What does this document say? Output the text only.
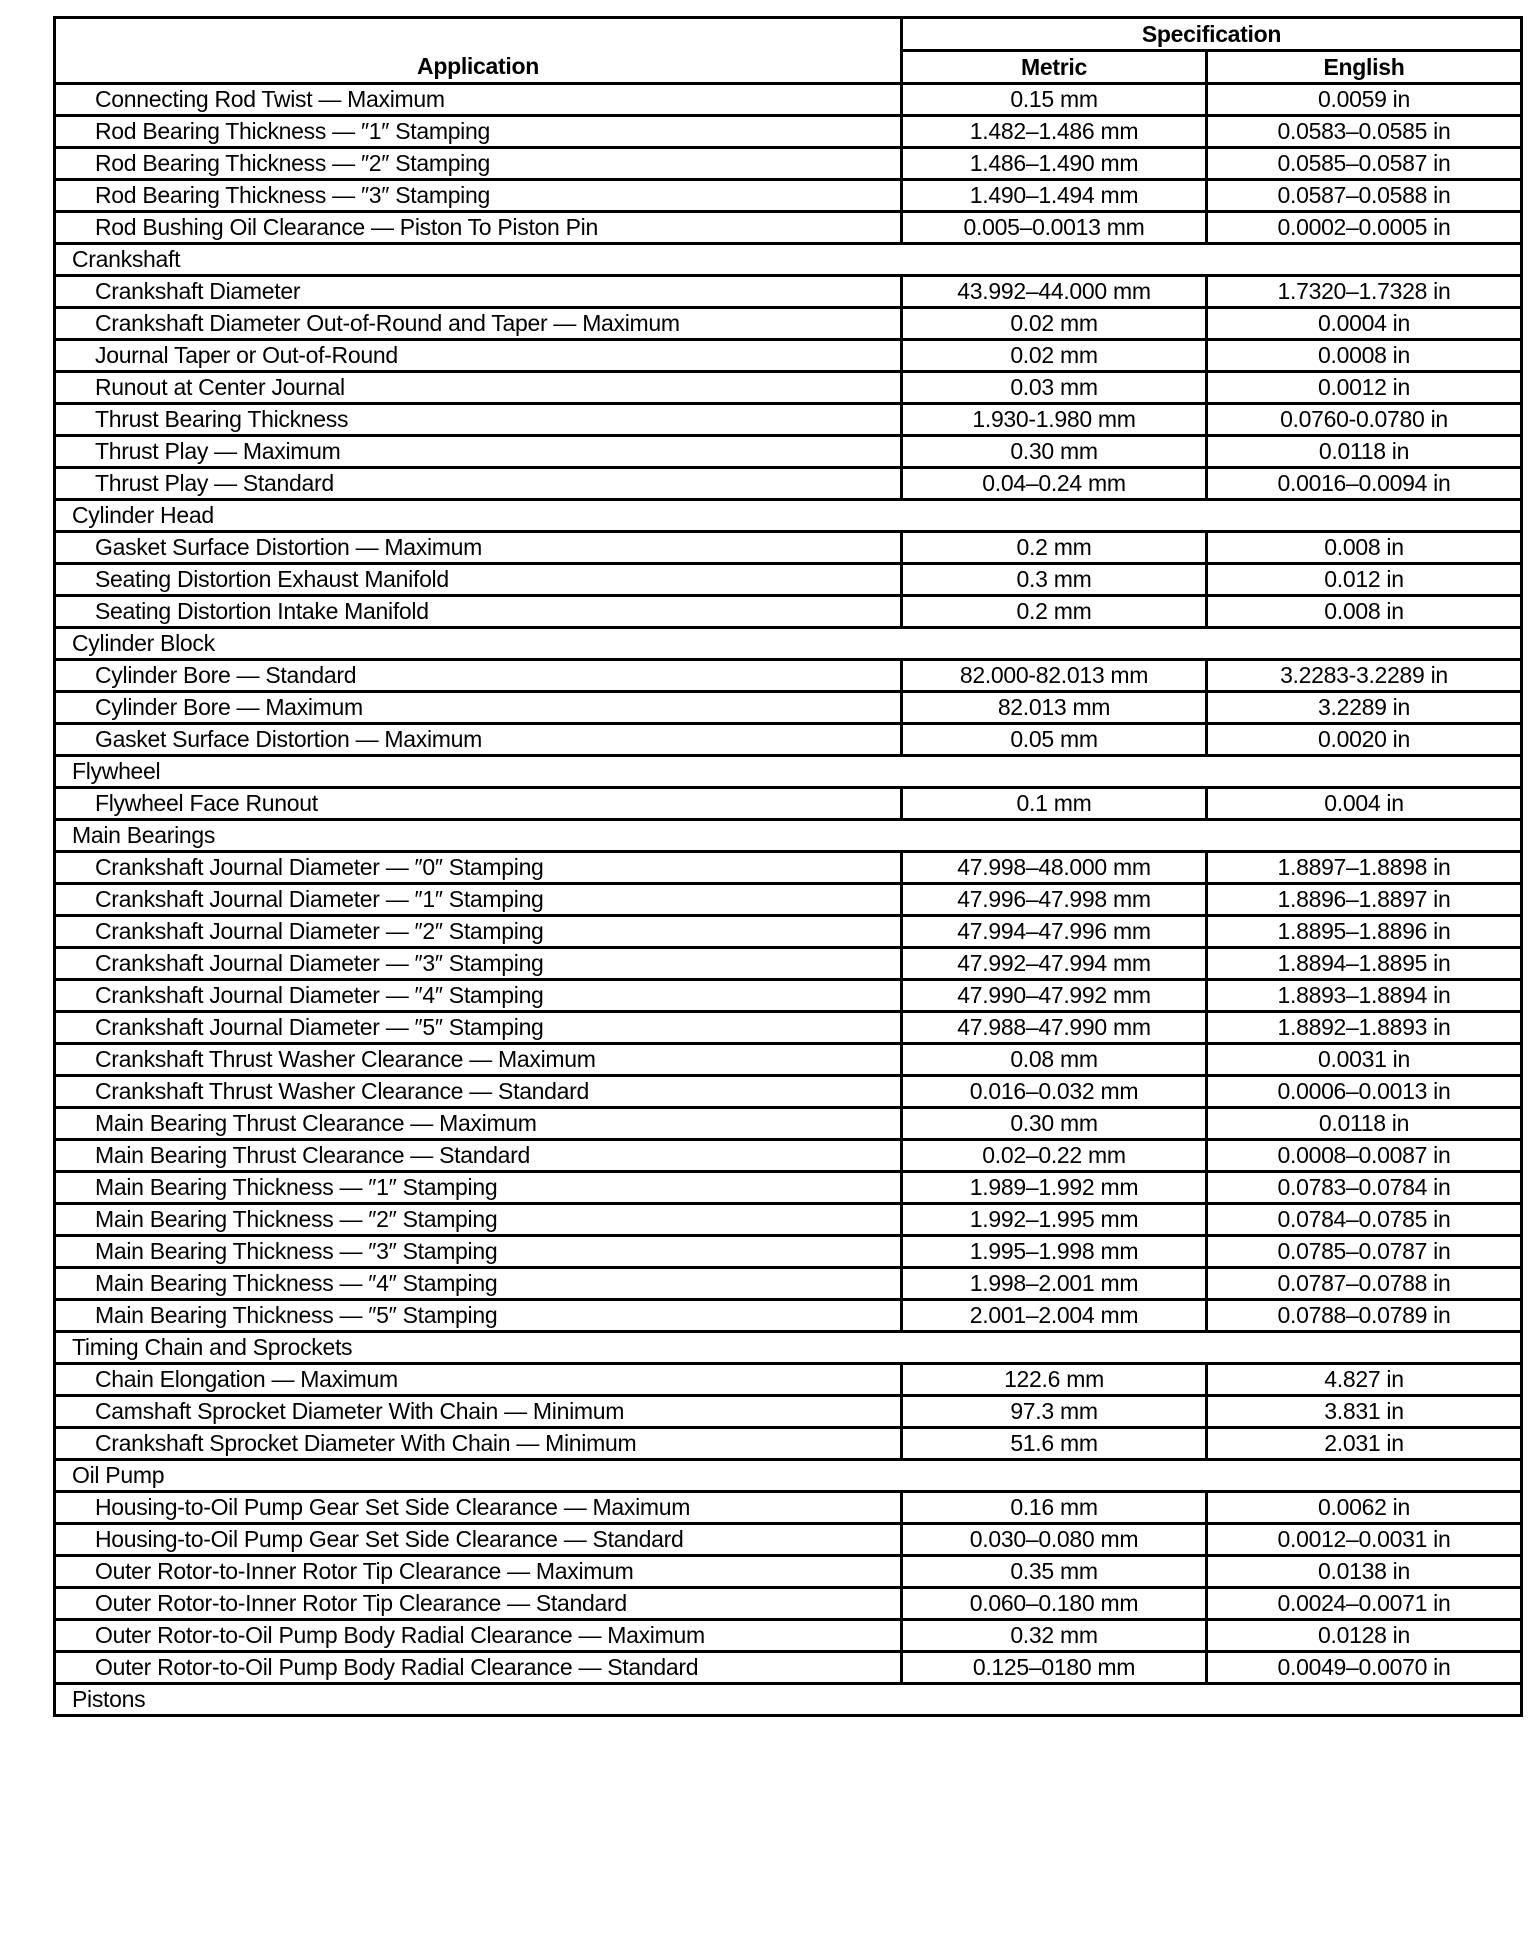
Application	Specification	
	Metric	English
Connecting Rod Twist — Maximum	0.15 mm	0.0059 in
Rod Bearing Thickness — ″1″ Stamping	1.482–1.486 mm	0.0583–0.0585 in
Rod Bearing Thickness — ″2″ Stamping	1.486–1.490 mm	0.0585–0.0587 in
Rod Bearing Thickness — ″3″ Stamping	1.490–1.494 mm	0.0587–0.0588 in
Rod Bushing Oil Clearance — Piston To Piston Pin	0.005–0.0013 mm	0.0002–0.0005 in
Crankshaft		
Crankshaft Diameter	43.992–44.000 mm	1.7320–1.7328 in
Crankshaft Diameter Out-of-Round and Taper — Maximum	0.02 mm	0.0004 in
Journal Taper or Out-of-Round	0.02 mm	0.0008 in
Runout at Center Journal	0.03 mm	0.0012 in
Thrust Bearing Thickness	1.930-1.980 mm	0.0760-0.0780 in
Thrust Play — Maximum	0.30 mm	0.0118 in
Thrust Play — Standard	0.04–0.24 mm	0.0016–0.0094 in
Cylinder Head		
Gasket Surface Distortion — Maximum	0.2 mm	0.008 in
Seating Distortion Exhaust Manifold	0.3 mm	0.012 in
Seating Distortion Intake Manifold	0.2 mm	0.008 in
Cylinder Block		
Cylinder Bore — Standard	82.000-82.013 mm	3.2283-3.2289 in
Cylinder Bore — Maximum	82.013 mm	3.2289 in
Gasket Surface Distortion — Maximum	0.05 mm	0.0020 in
Flywheel		
Flywheel Face Runout	0.1 mm	0.004 in
Main Bearings		
Crankshaft Journal Diameter — ″0″ Stamping	47.998–48.000 mm	1.8897–1.8898 in
Crankshaft Journal Diameter — ″1″ Stamping	47.996–47.998 mm	1.8896–1.8897 in
Crankshaft Journal Diameter — ″2″ Stamping	47.994–47.996 mm	1.8895–1.8896 in
Crankshaft Journal Diameter — ″3″ Stamping	47.992–47.994 mm	1.8894–1.8895 in
Crankshaft Journal Diameter — ″4″ Stamping	47.990–47.992 mm	1.8893–1.8894 in
Crankshaft Journal Diameter — ″5″ Stamping	47.988–47.990 mm	1.8892–1.8893 in
Crankshaft Thrust Washer Clearance — Maximum	0.08 mm	0.0031 in
Crankshaft Thrust Washer Clearance — Standard	0.016–0.032 mm	0.0006–0.0013 in
Main Bearing Thrust Clearance — Maximum	0.30 mm	0.0118 in
Main Bearing Thrust Clearance — Standard	0.02–0.22 mm	0.0008–0.0087 in
Main Bearing Thickness — ″1″ Stamping	1.989–1.992 mm	0.0783–0.0784 in
Main Bearing Thickness — ″2″ Stamping	1.992–1.995 mm	0.0784–0.0785 in
Main Bearing Thickness — ″3″ Stamping	1.995–1.998 mm	0.0785–0.0787 in
Main Bearing Thickness — ″4″ Stamping	1.998–2.001 mm	0.0787–0.0788 in
Main Bearing Thickness — ″5″ Stamping	2.001–2.004 mm	0.0788–0.0789 in
Timing Chain and Sprockets		
Chain Elongation — Maximum	122.6 mm	4.827 in
Camshaft Sprocket Diameter With Chain — Minimum	97.3 mm	3.831 in
Crankshaft Sprocket Diameter With Chain — Minimum	51.6 mm	2.031 in
Oil Pump		
Housing-to-Oil Pump Gear Set Side Clearance — Maximum	0.16 mm	0.0062 in
Housing-to-Oil Pump Gear Set Side Clearance — Standard	0.030–0.080 mm	0.0012–0.0031 in
Outer Rotor-to-Inner Rotor Tip Clearance — Maximum	0.35 mm	0.0138 in
Outer Rotor-to-Inner Rotor Tip Clearance — Standard	0.060–0.180 mm	0.0024–0.0071 in
Outer Rotor-to-Oil Pump Body Radial Clearance — Maximum	0.32 mm	0.0128 in
Outer Rotor-to-Oil Pump Body Radial Clearance — Standard	0.125–0180 mm	0.0049–0.0070 in
Pistons		
